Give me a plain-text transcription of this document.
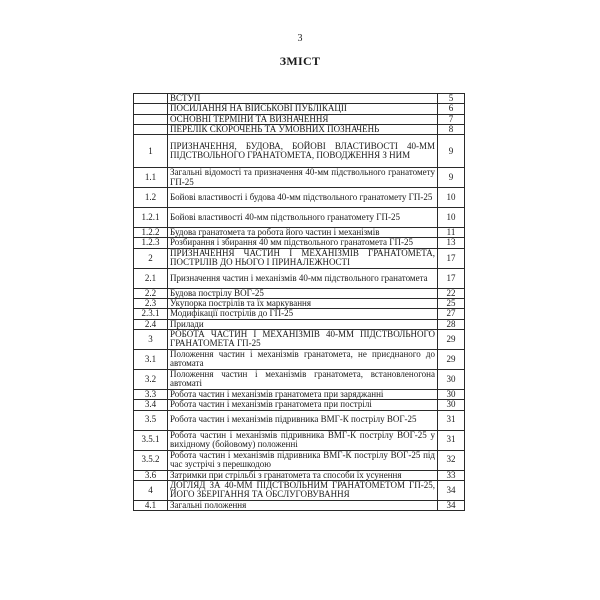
3
ЗМІСТ
	ВСТУП	5
	ПОСИЛАННЯ НА ВІЙСЬКОВІ ПУБЛІКАЦІЇ	6
	ОСНОВНІ ТЕРМІНИ ТА ВИЗНАЧЕННЯ	7
	ПЕРЕЛІК СКОРОЧЕНЬ ТА УМОВНИХ ПОЗНАЧЕНЬ	8
1	ПРИЗНАЧЕННЯ, БУДОВА, БОЙОВІ ВЛАСТИВОСТІ 40-ММ ПІДСТВОЛЬНОГО ГРАНАТОМЕТА, ПОВОДЖЕННЯ З НИМ	9
1.1	Загальні відомості та призначення 40-мм підствольного гранатомету ГП-25	9
1.2	Бойові властивості і будова 40-мм підствольного гранатомету ГП-25	10
1.2.1	Бойові властивості 40-мм підствольного гранатомету ГП-25	10
1.2.2	Будова гранатомета та робота його частин і механізмів	11
1.2.3	Розбирання і збирання 40 мм підствольного гранатомета ГП-25	13
2	ПРИЗНАЧЕННЯ ЧАСТИН І МЕХАНІЗМІВ ГРАНАТОМЕТА, ПОСТРІЛІВ ДО НЬОГО І ПРИНАЛЕЖНОСТІ	17
2.1	Призначення частин і механізмів 40-мм підствольного гранатомета	17
2.2	Будова пострілу ВОГ-25	22
2.3	Укупорка пострілів та їх маркування	25
2.3.1	Модифікації пострілів до ГП-25	27
2.4	Прилади	28
3	РОБОТА ЧАСТИН І МЕХАНІЗМІВ 40-ММ ПІДСТВОЛЬНОГО ГРАНАТОМЕТА ГП-25	29
3.1	Положення частин і механізмів гранатомета, не приєднаного до автомата	29
3.2	Положення частин і механізмів гранатомета, встановленогона автоматі	30
3.3	Робота частин і механізмів гранатомета при заряджанні	30
3.4	Робота частин і механізмів гранатомета при пострілі	30
3.5	Робота частин і механізмів підривника ВМГ-К пострілу ВОГ-25	31
3.5.1	Робота частин і механізмів підривника ВМГ-К пострілу ВОГ-25 у вихідному (бойовому) положенні	31
3.5.2	Робота частин і механізмів підривника ВМГ-К пострілу ВОГ-25 під час зустрічі з перешкодою	32
3.6	Затримки при стрільбі з гранатомета та способи їх усунення	33
4	ДОГЛЯД ЗА 40-ММ ПІДСТВОЛЬНИМ ГРАНАТОМЕТОМ ГП-25, ЙОГО ЗБЕРІГАННЯ ТА ОБСЛУГОВУВАННЯ	34
4.1	Загальні положення	34
